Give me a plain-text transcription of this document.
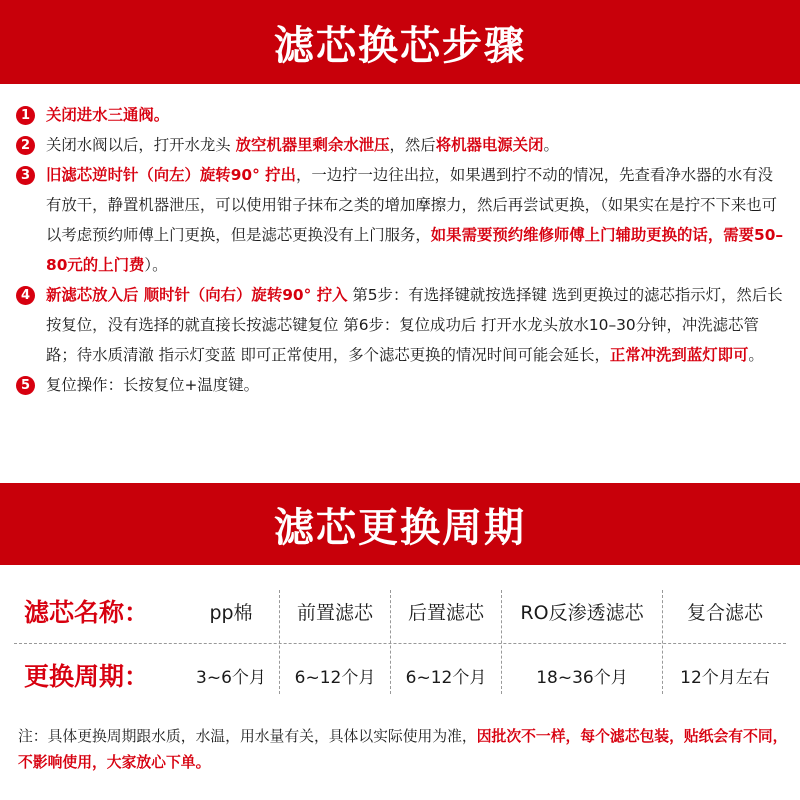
滤芯换芯步骤
1	关闭进水三通阀。
2	关闭水阀以后，打开水龙头 放空机器里剩余水泄压，然后将机器电源关闭。
3	旧滤芯逆时针（向左）旋转90° 拧出，一边拧一边往出拉，如果遇到拧不动的情况，先查看净水器的水有没有放干，静置机器泄压，可以使用钳子抹布之类的增加摩擦力，然后再尝试更换，（如果实在是拧不下来也可以考虑预约师傅上门更换，但是滤芯更换没有上门服务，如果需要预约维修师傅上门辅助更换的话，需要50–80元的上门费）。
4	新滤芯放入后 顺时针（向右）旋转90° 拧入 第5步：有选择键就按选择键 选到更换过的滤芯指示灯，然后长按复位，没有选择的就直接长按滤芯键复位 第6步：复位成功后 打开水龙头放水10–30分钟，冲洗滤芯管路；待水质清澈 指示灯变蓝 即可正常使用，多个滤芯更换的情况时间可能会延长，正常冲洗到蓝灯即可。
5	复位操作：长按复位+温度键。
滤芯更换周期
滤芯名称：	pp棉	前置滤芯	后置滤芯	RO反渗透滤芯	复合滤芯
更换周期：	3~6个月	6~12个月	6~12个月	18~36个月	12个月左右
注：具体更换周期跟水质，水温，用水量有关，具体以实际使用为准，因批次不一样，每个滤芯包装，贴纸会有不同，不影响使用，大家放心下单。
